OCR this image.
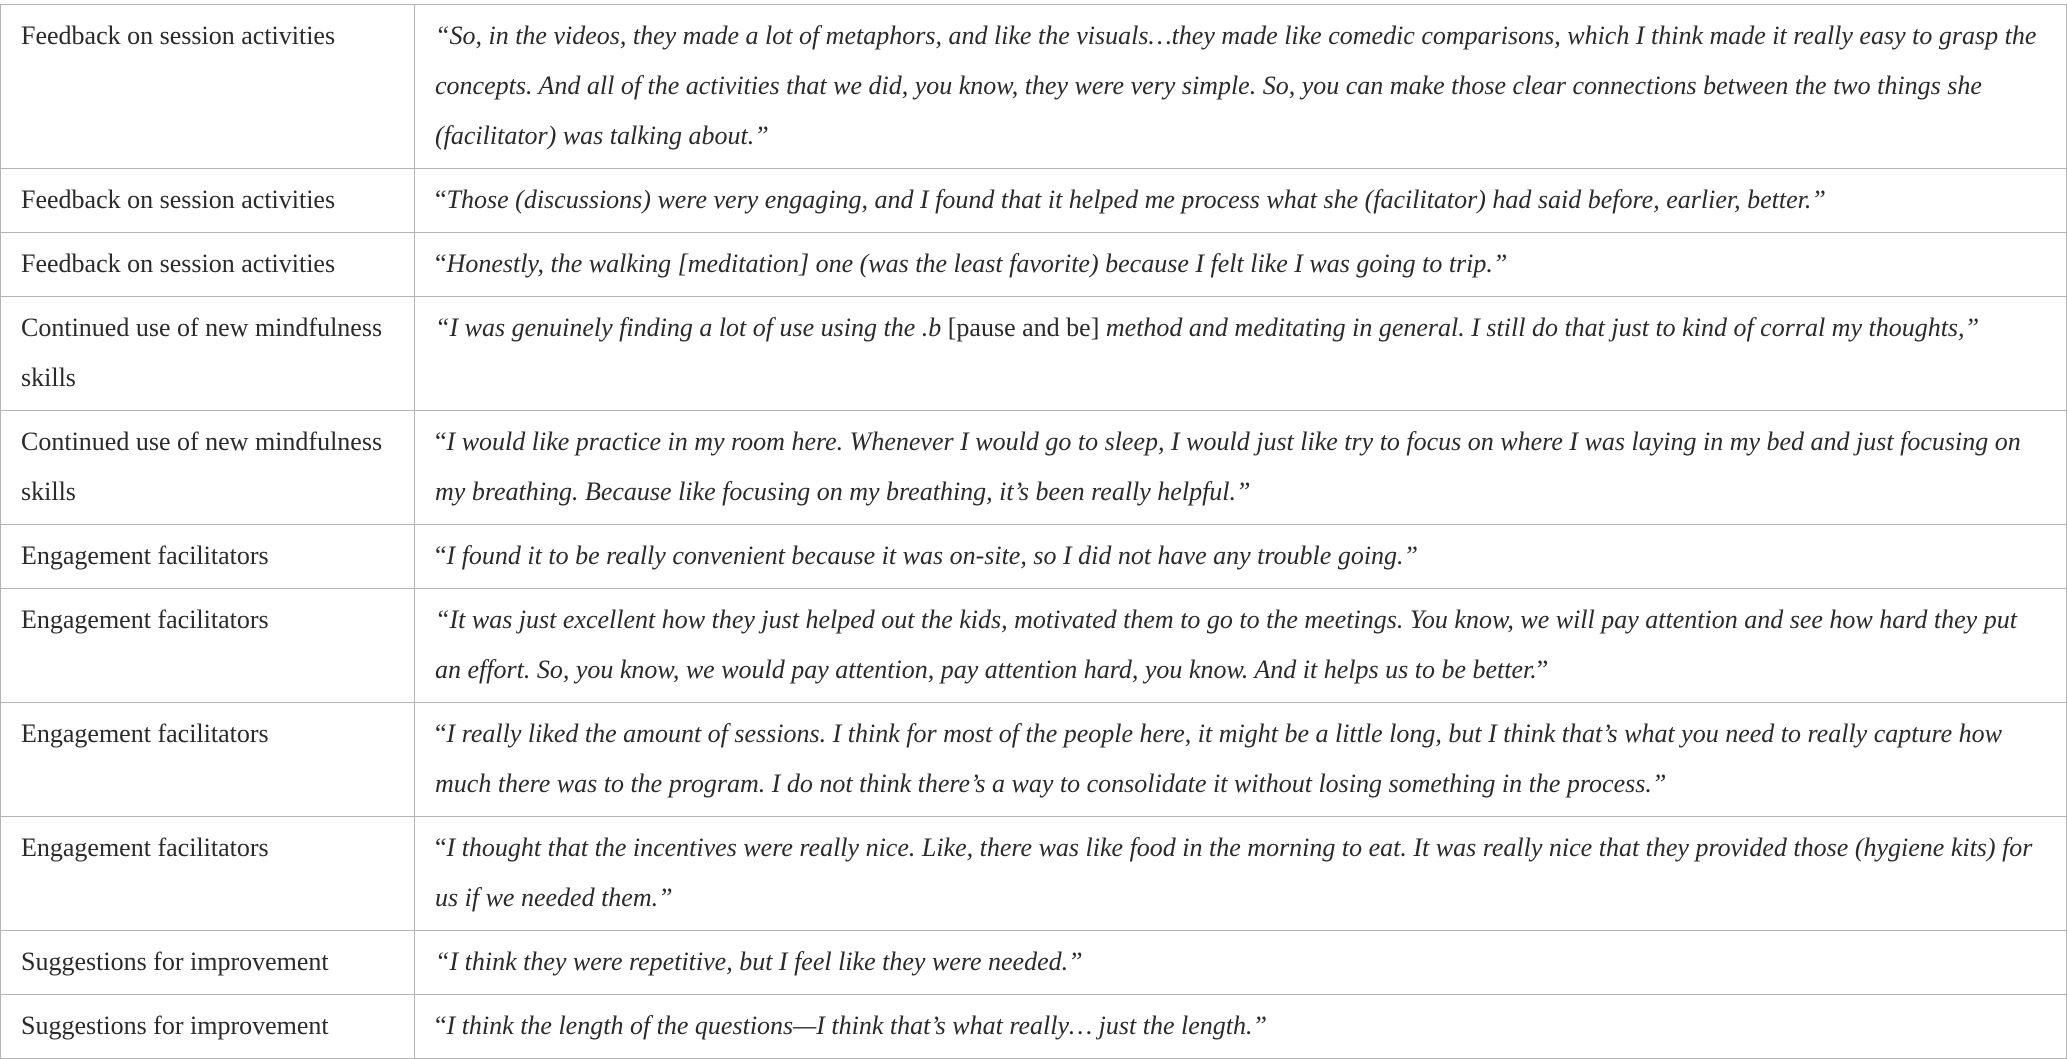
Feedback on session activities	“So, in the videos, they made a lot of metaphors, and like the visuals…they made like comedic comparisons, which I think made it really easy to grasp the concepts. And all of the activities that we did, you know, they were very simple. So, you can make those clear connections between the two things she (facilitator) was talking about.”

Feedback on session activities	“Those (discussions) were very engaging, and I found that it helped me process what she (facilitator) had said before, earlier, better.”

Feedback on session activities	“Honestly, the walking [meditation] one (was the least favorite) because I felt like I was going to trip.”

Continued use of new mindfulness skills	“I was genuinely finding a lot of use using the .b [pause and be] method and meditating in general. I still do that just to kind of corral my thoughts,”

Continued use of new mindfulness skills	“I would like practice in my room here. Whenever I would go to sleep, I would just like try to focus on where I was laying in my bed and just focusing on my breathing. Because like focusing on my breathing, it’s been really helpful.”

Engagement facilitators	“I found it to be really convenient because it was on-site, so I did not have any trouble going.”

Engagement facilitators	“It was just excellent how they just helped out the kids, motivated them to go to the meetings. You know, we will pay attention and see how hard they put an effort. So, you know, we would pay attention, pay attention hard, you know. And it helps us to be better.”

Engagement facilitators	“I really liked the amount of sessions. I think for most of the people here, it might be a little long, but I think that’s what you need to really capture how much there was to the program. I do not think there’s a way to consolidate it without losing something in the process.”

Engagement facilitators	“I thought that the incentives were really nice. Like, there was like food in the morning to eat. It was really nice that they provided those (hygiene kits) for us if we needed them.”

Suggestions for improvement	“I think they were repetitive, but I feel like they were needed.”

Suggestions for improvement	“I think the length of the questions—I think that’s what really… just the length.”
